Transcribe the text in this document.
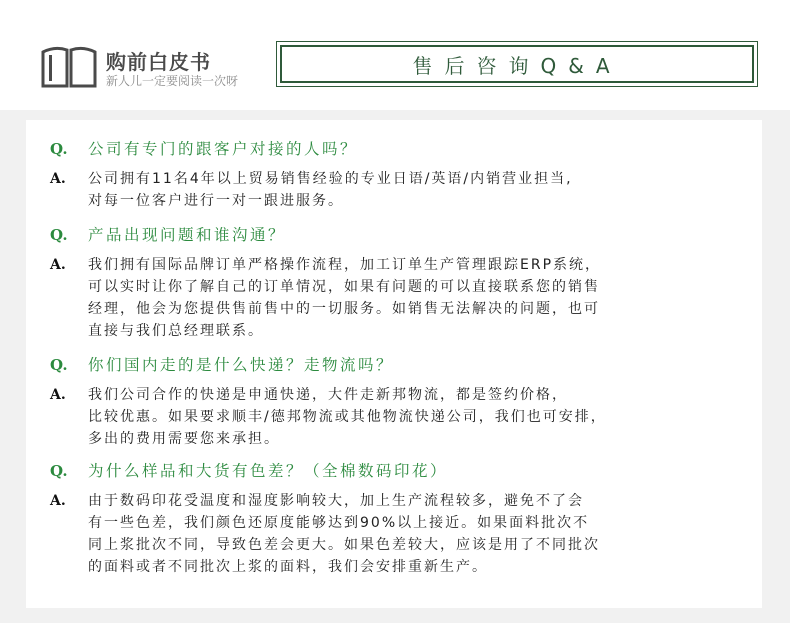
购前白皮书
新人儿一定要阅读一次呀
售后咨询Q&A
Q. 公司有专门的跟客户对接的人吗？
A. 公司拥有11名4年以上贸易销售经验的专业日语/英语/内销营业担当,
对每一位客户进行一对一跟进服务。
Q. 产品出现问题和谁沟通？
A. 我们拥有国际品牌订单严格操作流程，加工订单生产管理跟踪ERP系统，
可以实时让你了解自己的订单情况，如果有问题的可以直接联系您的销售
经理，他会为您提供售前售中的一切服务。如销售无法解决的问题，也可
直接与我们总经理联系。
Q. 你们国内走的是什么快递？走物流吗？
A. 我们公司合作的快递是申通快递，大件走新邦物流，都是签约价格，
比较优惠。如果要求顺丰/德邦物流或其他物流快递公司，我们也可安排，
多出的费用需要您来承担。
Q. 为什么样品和大货有色差？（全棉数码印花）
A. 由于数码印花受温度和湿度影响较大，加上生产流程较多，避免不了会
有一些色差，我们颜色还原度能够达到90%以上接近。如果面料批次不
同上浆批次不同，导致色差会更大。如果色差较大，应该是用了不同批次
的面料或者不同批次上浆的面料，我们会安排重新生产。
